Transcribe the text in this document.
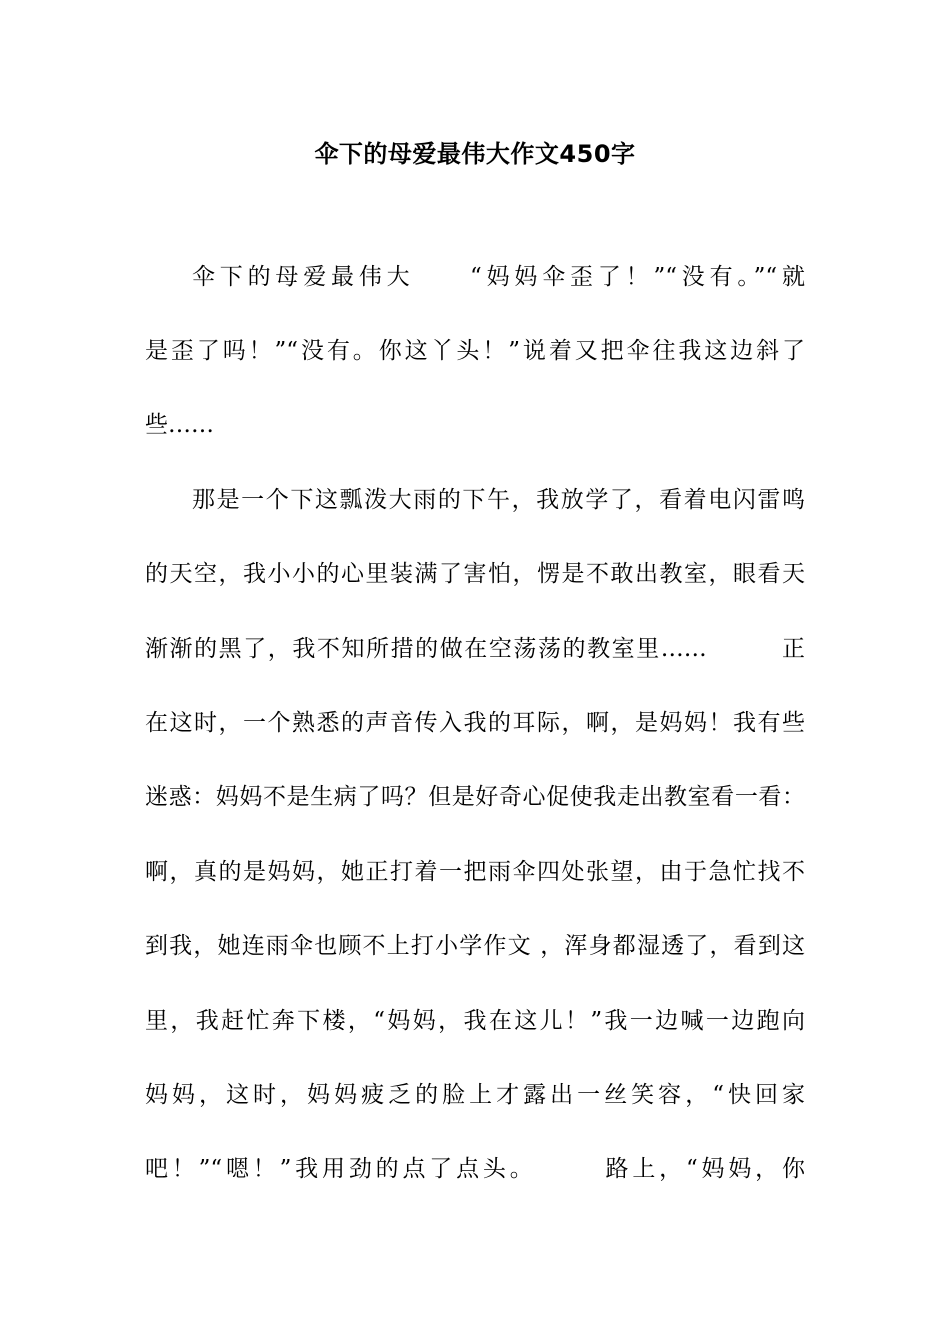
伞下的母爱最伟大作文450字
伞下的母爱最伟大　　“妈妈伞歪了！”“没有。”“就
是歪了吗！”“没有。你这丫头！”说着又把伞往我这边斜了
些……
那是一个下这瓢泼大雨的下午，我放学了，看着电闪雷鸣
的天空，我小小的心里装满了害怕，愣是不敢出教室，眼看天
渐渐的黑了，我不知所措的做在空荡荡的教室里……　　　正
在这时，一个熟悉的声音传入我的耳际，啊，是妈妈！我有些
迷惑：妈妈不是生病了吗？但是好奇心促使我走出教室看一看：
啊，真的是妈妈，她正打着一把雨伞四处张望，由于急忙找不
到我，她连雨伞也顾不上打小学作文 ，浑身都湿透了，看到这
里，我赶忙奔下楼，“妈妈，我在这儿！”我一边喊一边跑向
妈妈，这时，妈妈疲乏的脸上才露出一丝笑容，“快回家
吧！”“嗯！”我用劲的点了点头。　　　路上，“妈妈，你
